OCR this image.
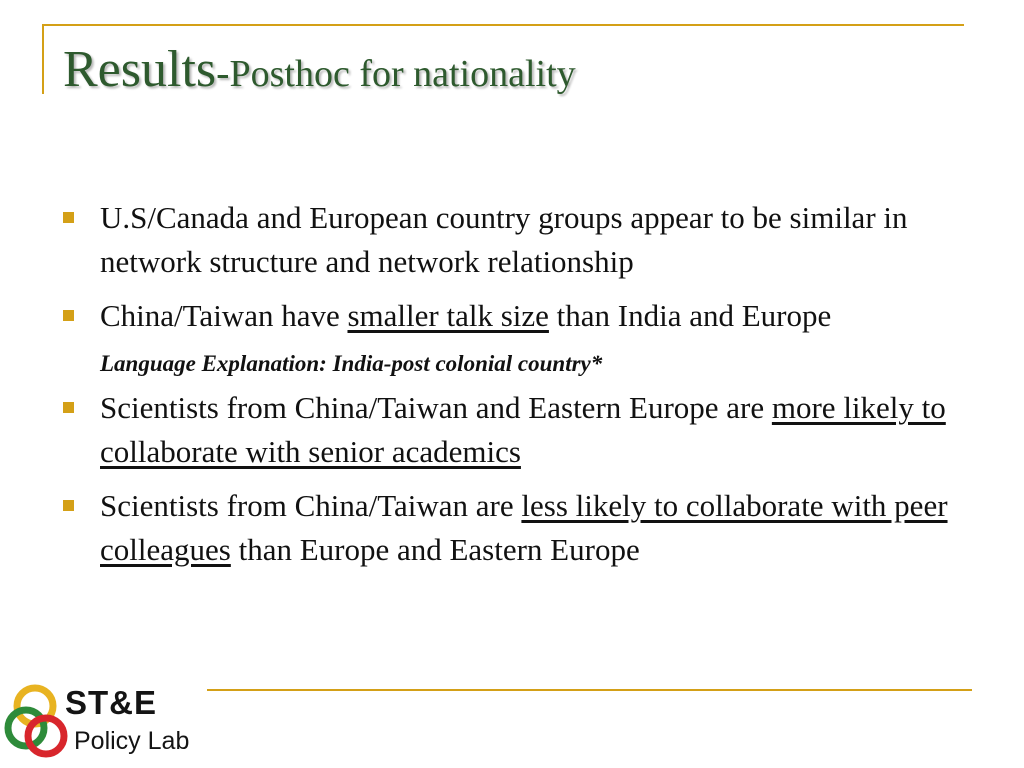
Results-Posthoc for nationality
U.S/Canada and European country groups appear to be similar in network structure and network relationship
China/Taiwan have smaller talk size than India and Europe
Language Explanation: India-post colonial country*
Scientists from China/Taiwan and Eastern Europe are more likely to collaborate with senior academics
Scientists from China/Taiwan are less likely to collaborate with peer colleagues than Europe and Eastern Europe
ST&E
Policy Lab
